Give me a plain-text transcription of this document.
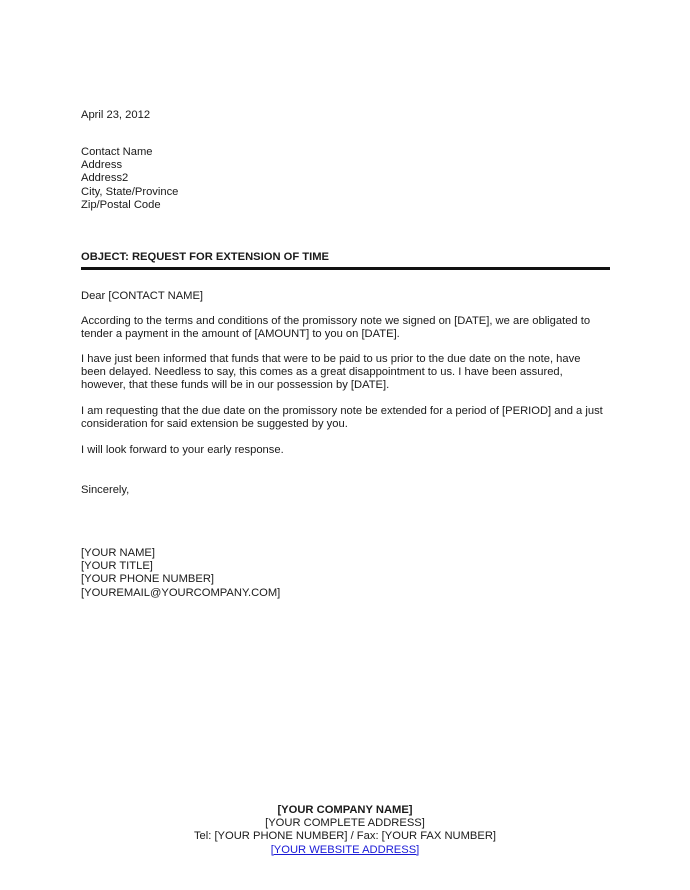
April 23, 2012
Contact Name
Address
Address2
City, State/Province
Zip/Postal Code
OBJECT: REQUEST FOR EXTENSION OF TIME
Dear [CONTACT NAME]
According to the terms and conditions of the promissory note we signed on [DATE], we are obligated to
tender a payment in the amount of [AMOUNT] to you on [DATE].
I have just been informed that funds that were to be paid to us prior to the due date on the note, have
been delayed. Needless to say, this comes as a great disappointment to us. I have been assured,
however, that these funds will be in our possession by [DATE].
I am requesting that the due date on the promissory note be extended for a period of [PERIOD] and a just
consideration for said extension be suggested by you.
I will look forward to your early response.
Sincerely,
[YOUR NAME]
[YOUR TITLE]
[YOUR PHONE NUMBER]
[YOUREMAIL@YOURCOMPANY.COM]
[YOUR COMPANY NAME]
[YOUR COMPLETE ADDRESS]
Tel: [YOUR PHONE NUMBER] / Fax: [YOUR FAX NUMBER]
[YOUR WEBSITE ADDRESS]
